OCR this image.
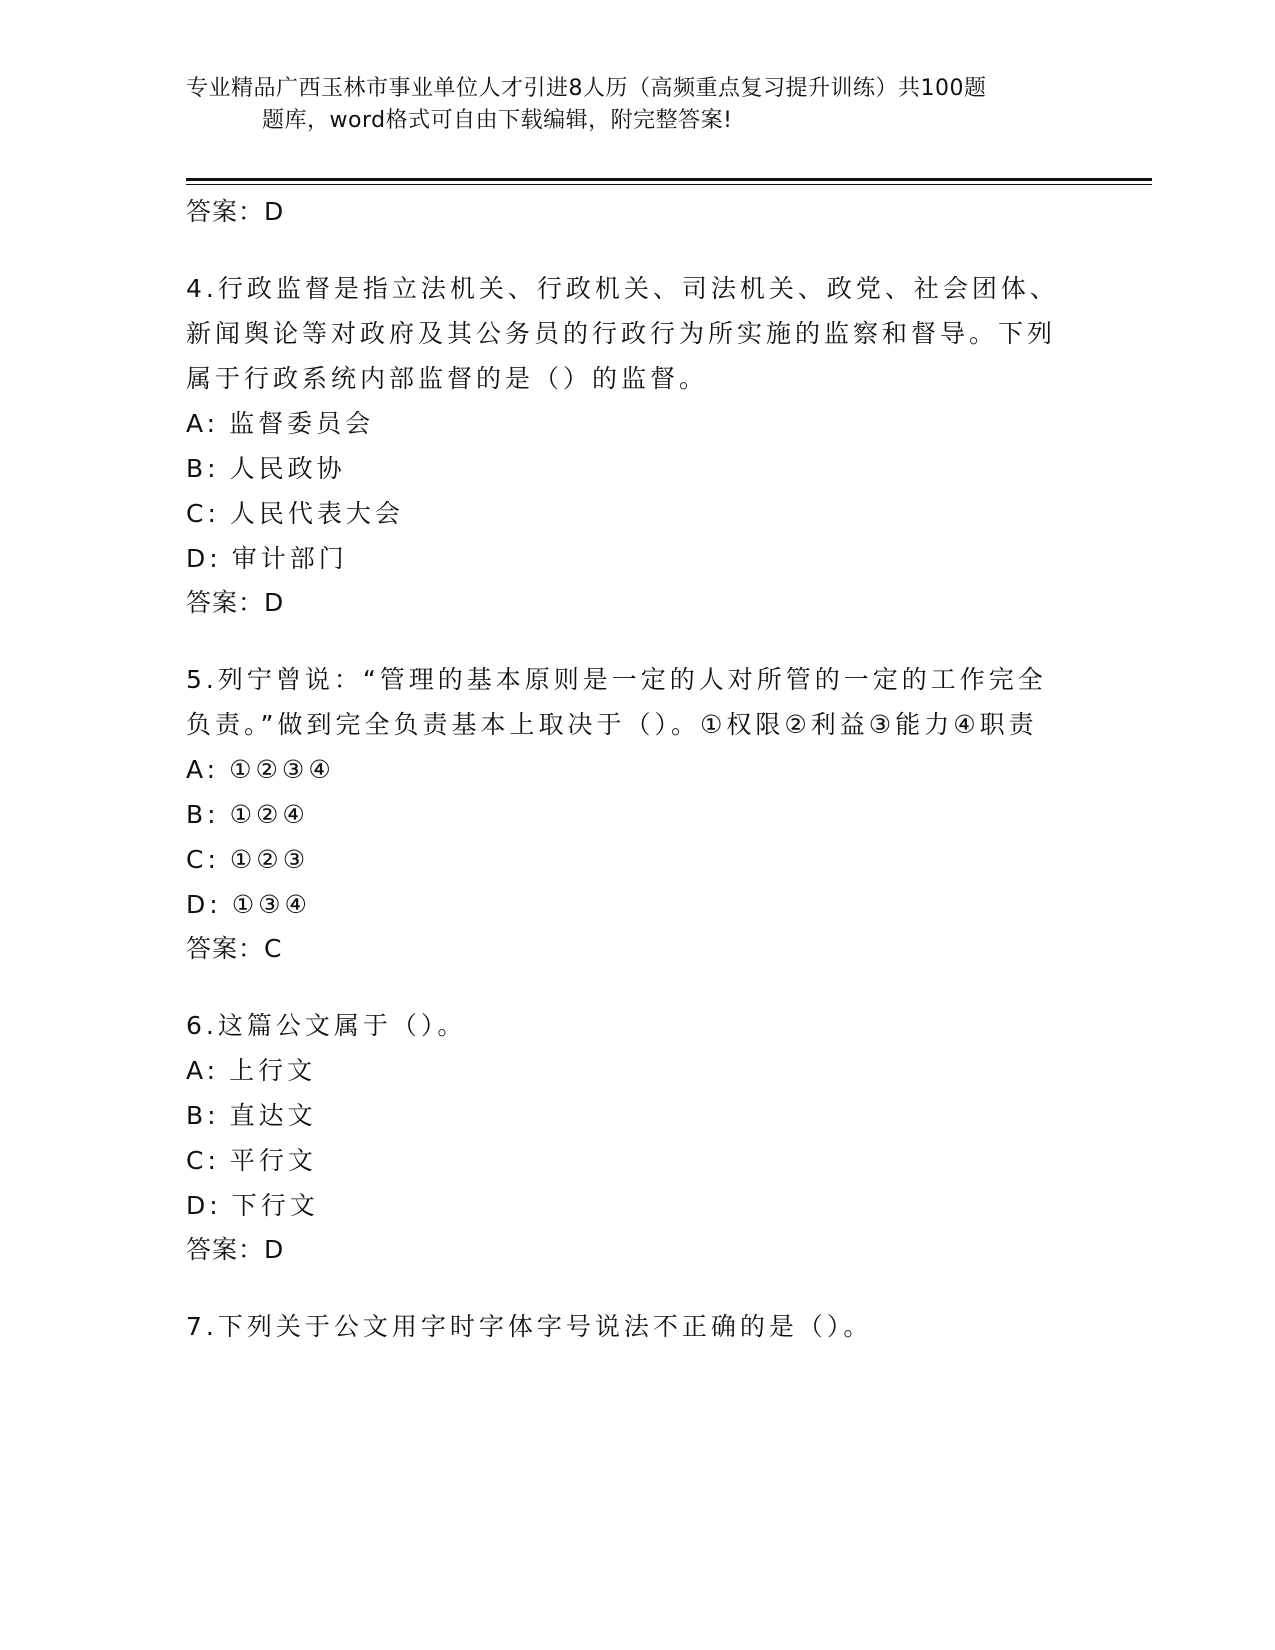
专业精品广西玉林市事业单位人才引进8人历（高频重点复习提升训练）共100题
题库，word格式可自由下载编辑，附完整答案!
答案：D
4.行政监督是指立法机关、行政机关、司法机关、政党、社会团体、新闻舆论等对政府及其公务员的行政行为所实施的监察和督导。下列属于行政系统内部监督的是（）的监督。
A: 监督委员会
B: 人民政协
C: 人民代表大会
D: 审计部门
答案：D
5.列宁曾说：“管理的基本原则是一定的人对所管的一定的工作完全负责。”做到完全负责基本上取决于（）。①权限②利益③能力④职责
A: ①②③④
B: ①②④
C: ①②③
D: ①③④
答案：C
6.这篇公文属于（）。
A: 上行文
B: 直达文
C: 平行文
D: 下行文
答案：D
7.下列关于公文用字时字体字号说法不正确的是（）。
